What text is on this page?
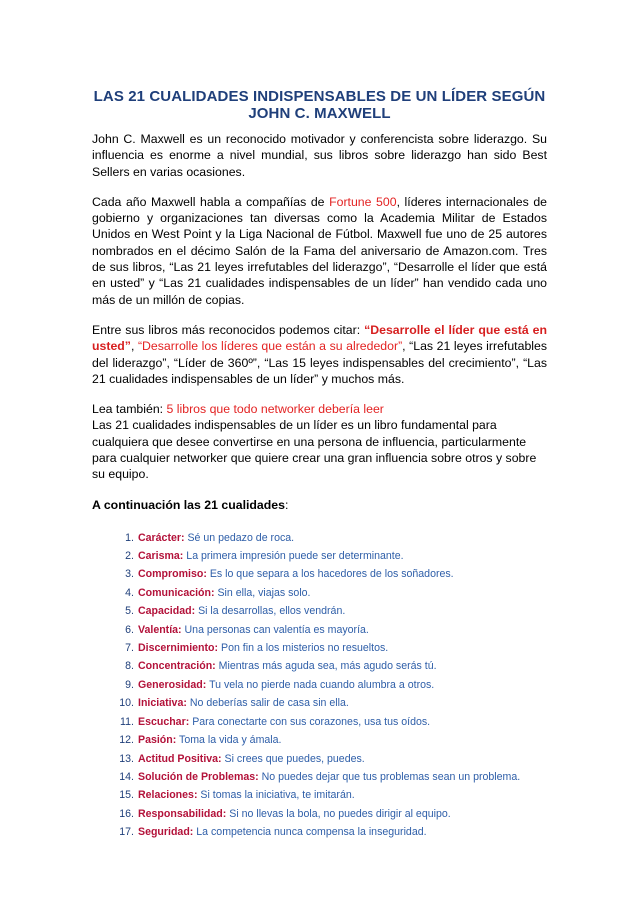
LAS 21 CUALIDADES INDISPENSABLES DE UN LÍDER SEGÚN JOHN C. MAXWELL

John C. Maxwell es un reconocido motivador y conferencista sobre liderazgo. Su influencia es enorme a nivel mundial, sus libros sobre liderazgo han sido Best Sellers en varias ocasiones.

Cada año Maxwell habla a compañías de Fortune 500, líderes internacionales de gobierno y organizaciones tan diversas como la Academia Militar de Estados Unidos en West Point y la Liga Nacional de Fútbol. Maxwell fue uno de 25 autores nombrados en el décimo Salón de la Fama del aniversario de Amazon.com. Tres de sus libros, “Las 21 leyes irrefutables del liderazgo”, “Desarrolle el líder que está en usted” y “Las 21 cualidades indispensables de un líder” han vendido cada uno más de un millón de copias.

Entre sus libros más reconocidos podemos citar: “Desarrolle el líder que está en usted”, “Desarrolle los líderes que están a su alrededor”, “Las 21 leyes irrefutables del liderazgo”, “Líder de 360º”, “Las 15 leyes indispensables del crecimiento”, “Las 21 cualidades indispensables de un líder” y muchos más.

Lea también: 5 libros que todo networker debería leer
Las 21 cualidades indispensables de un líder es un libro fundamental para cualquiera que desee convertirse en una persona de influencia, particularmente para cualquier networker que quiere crear una gran influencia sobre otros y sobre su equipo.

A continuación las 21 cualidades:
1. Carácter: Sé un pedazo de roca.
2. Carisma: La primera impresión puede ser determinante.
3. Compromiso: Es lo que separa a los hacedores de los soñadores.
4. Comunicación: Sin ella, viajas solo.
5. Capacidad: Si la desarrollas, ellos vendrán.
6. Valentía: Una personas can valentía es mayoría.
7. Discernimiento: Pon fin a los misterios no resueltos.
8. Concentración: Mientras más aguda sea, más agudo serás tú.
9. Generosidad: Tu vela no pierde nada cuando alumbra a otros.
10. Iniciativa: No deberías salir de casa sin ella.
11. Escuchar: Para conectarte con sus corazones, usa tus oídos.
12. Pasión: Toma la vida y ámala.
13. Actitud Positiva: Si crees que puedes, puedes.
14. Solución de Problemas: No puedes dejar que tus problemas sean un problema.
15. Relaciones: Si tomas la iniciativa, te imitarán.
16. Responsabilidad: Si no llevas la bola, no puedes dirigir al equipo.
17. Seguridad: La competencia nunca compensa la inseguridad.
